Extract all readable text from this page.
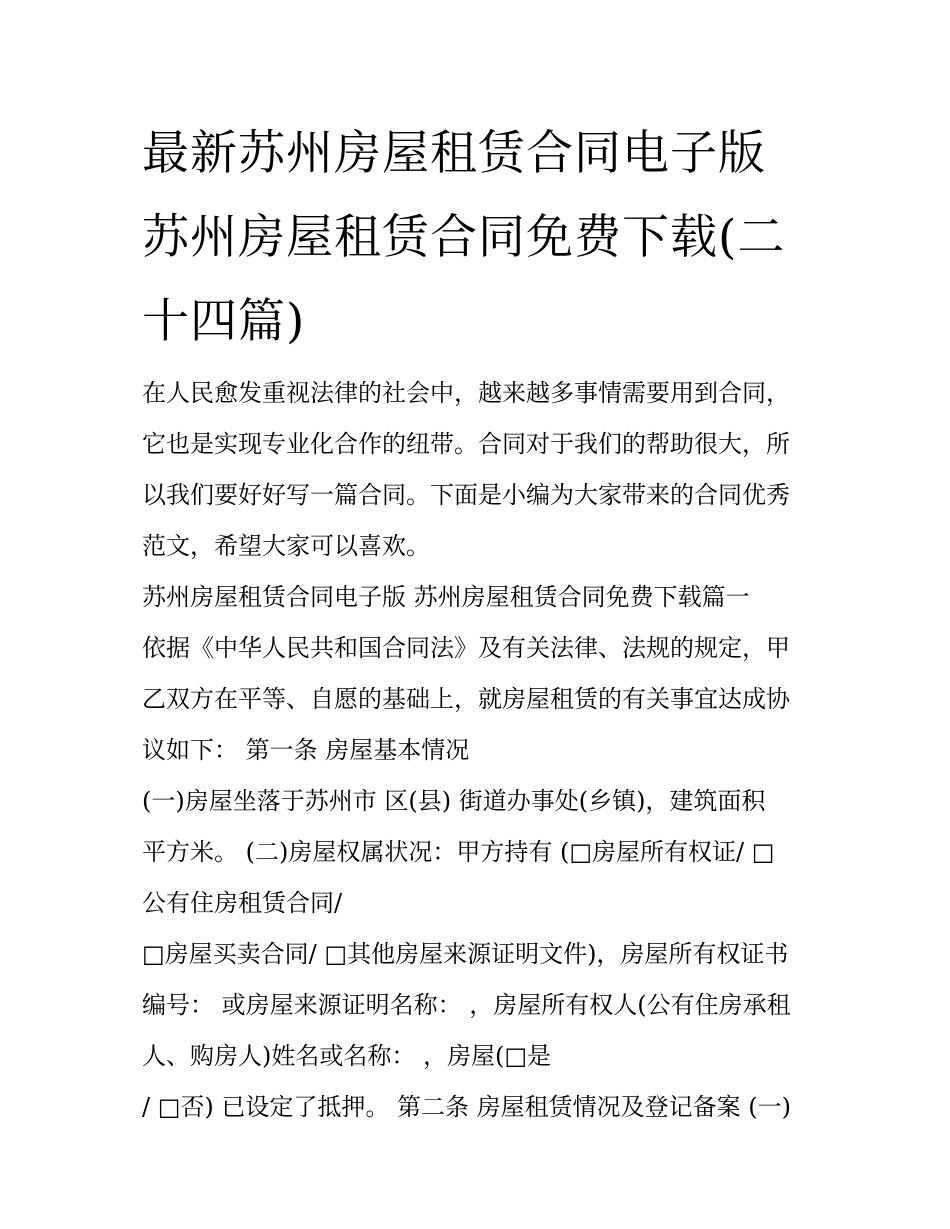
最新苏州房屋租赁合同电子版
苏州房屋租赁合同免费下载(二
十四篇)

在人民愈发重视法律的社会中，越来越多事情需要用到合同，

它也是实现专业化合作的纽带。合同对于我们的帮助很大，所

以我们要好好写一篇合同。下面是小编为大家带来的合同优秀

范文，希望大家可以喜欢。

苏州房屋租赁合同电子版 苏州房屋租赁合同免费下载篇一

依据《中华人民共和国合同法》及有关法律、法规的规定，甲

乙双方在平等、自愿的基础上，就房屋租赁的有关事宜达成协

议如下： 第一条 房屋基本情况

(一)房屋坐落于苏州市 区(县) 街道办事处(乡镇)，建筑面积

平方米。 (二)房屋权属状况：甲方持有 (□房屋所有权证/ □

公有住房租赁合同/

□房屋买卖合同/ □其他房屋来源证明文件)，房屋所有权证书

编号： 或房屋来源证明名称： ，房屋所有权人(公有住房承租

人、购房人)姓名或名称： ，房屋(□是

/ □否) 已设定了抵押。 第二条 房屋租赁情况及登记备案 (一)
